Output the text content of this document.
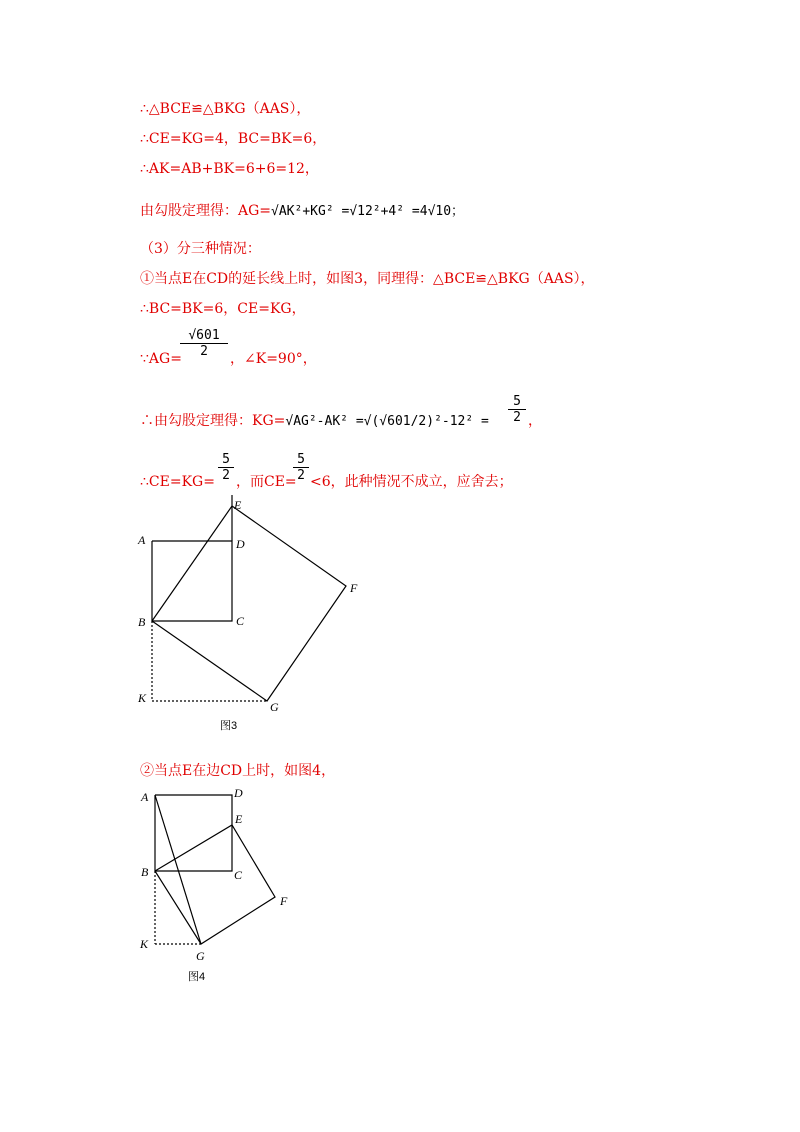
∴△BCE≌△BKG（AAS），
∴CE=KG=4，BC=BK=6，
∴AK=AB+BK=6+6=12，
由勾股定理得：AG=√AK²+KG² =√12²+4² =4√10；
（3）分三种情况：
①当点E在CD的延长线上时，如图3，同理得：△BCE≌△BKG（AAS），
∴BC=BK=6，CE=KG，
∵AG=
$\frac{√601}{2}$ ，∠K=90°，
∴由勾股定理得：$KG=√AG^2-AK^2 =√(√601/2)^2-12^2 = \frac{5}{2}$ ，
∴CE=KG= $\frac{5}{2}$ ，而CE=
$\frac{5}{2} <6$，此种情况不成立，应舍去；
A	D
E
F
B	C
K
G
图3
②当点E在边CD上时，如图4，
A	D
E
F
B	C
K
G
图4
